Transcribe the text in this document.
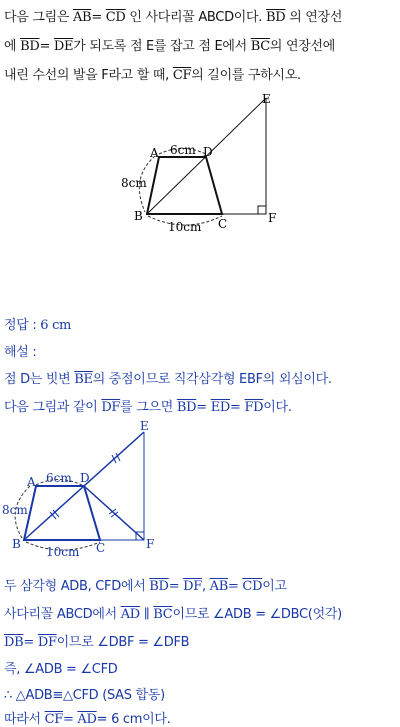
다음 그림은 $\overline{AB}= \overline{CD}$ 인 사다리꼴 ABCD이다. $\overline{BD}$ 의 연장선
에 $\overline{BD}= \overline{DE}$가 되도록 점 E를 잡고 점 E에서 $\overline{BC}$의 연장선에
내린 수선의 발을 F라고 할 때, $\overline{CF}$의 길이를 구하시오.
E
A	D
B
C	F
6cm
8cm
10cm
정답 : 6 cm
해설 :
점 D는 빗변 $\overline{BE}$의 중점이므로 직각삼각형 EBF의 외심이다.
다음 그림과 같이 $\overline{DF}$를 그으면 $\overline{BD}= \overline{ED}= \overline{FD}$이다.
E
A	D
B	C	F
6cm
8cm
10cm
두 삼각형 ADB, CFD에서 $\overline{BD}= \overline{DF}$, $\overline{AB}= \overline{CD}$이고
사다리꼴 ABCD에서 $\overline{AD}$ ∥ $\overline{BC}$이므로 ∠ADB = ∠DBC(엇각)
$\overline{DB}= \overline{DF}$이므로 ∠DBF = ∠DFB
즉, ∠ADB = ∠CFD
∴ △ADB≡△CFD (SAS 합동)
따라서 $\overline{CF}= \overline{AD}= 6$ cm이다.
